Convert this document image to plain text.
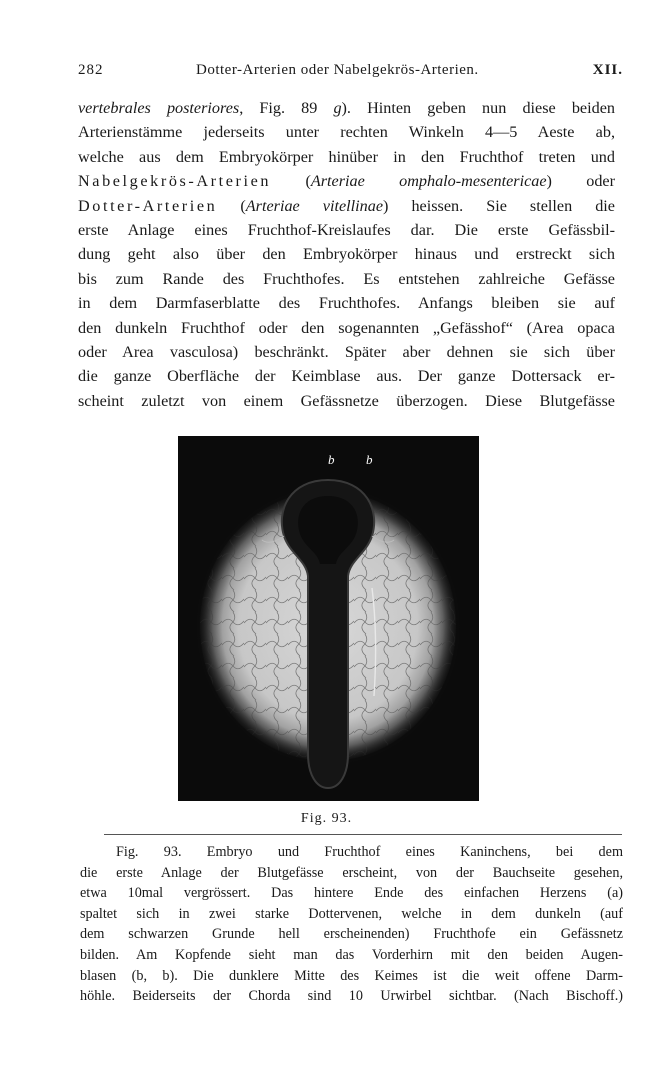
282	Dotter-Arterien oder Nabelgekrös-Arterien.	XII.
vertebrales posteriores, Fig. 89 g). Hinten geben nun diese beiden
Arterienstämme jederseits unter rechten Winkeln 4—5 Aeste ab,
welche aus dem Embryokörper hinüber in den Fruchthof treten und
Nabelgekrös-Arterien (Arteriae omphalo-mesentericae) oder
Dotter-Arterien (Arteriae vitellinae) heissen. Sie stellen die
erste Anlage eines Fruchthof-Kreislaufes dar. Die erste Gefässbil-
dung geht also über den Embryokörper hinaus und erstreckt sich
bis zum Rande des Fruchthofes. Es entstehen zahlreiche Gefässe
in dem Darmfaserblatte des Fruchthofes. Anfangs bleiben sie auf
den dunkeln Fruchthof oder den sogenannten „Gefässhof“ (Area opaca
oder Area vasculosa) beschränkt. Später aber dehnen sie sich über
die ganze Oberfläche der Keimblase aus. Der ganze Dottersack er-
scheint zuletzt von einem Gefässnetze überzogen. Diese Blutgefässe
b b
Fig. 93.
Fig. 93. Embryo und Fruchthof eines Kaninchens, bei dem
die erste Anlage der Blutgefässe erscheint, von der Bauchseite gesehen,
etwa 10mal vergrössert. Das hintere Ende des einfachen Herzens (a)
spaltet sich in zwei starke Dottervenen, welche in dem dunkeln (auf
dem schwarzen Grunde hell erscheinenden) Fruchthofe ein Gefässnetz
bilden. Am Kopfende sieht man das Vorderhirn mit den beiden Augen-
blasen (b, b). Die dunklere Mitte des Keimes ist die weit offene Darm-
höhle. Beiderseits der Chorda sind 10 Urwirbel sichtbar. (Nach Bischoff.)
